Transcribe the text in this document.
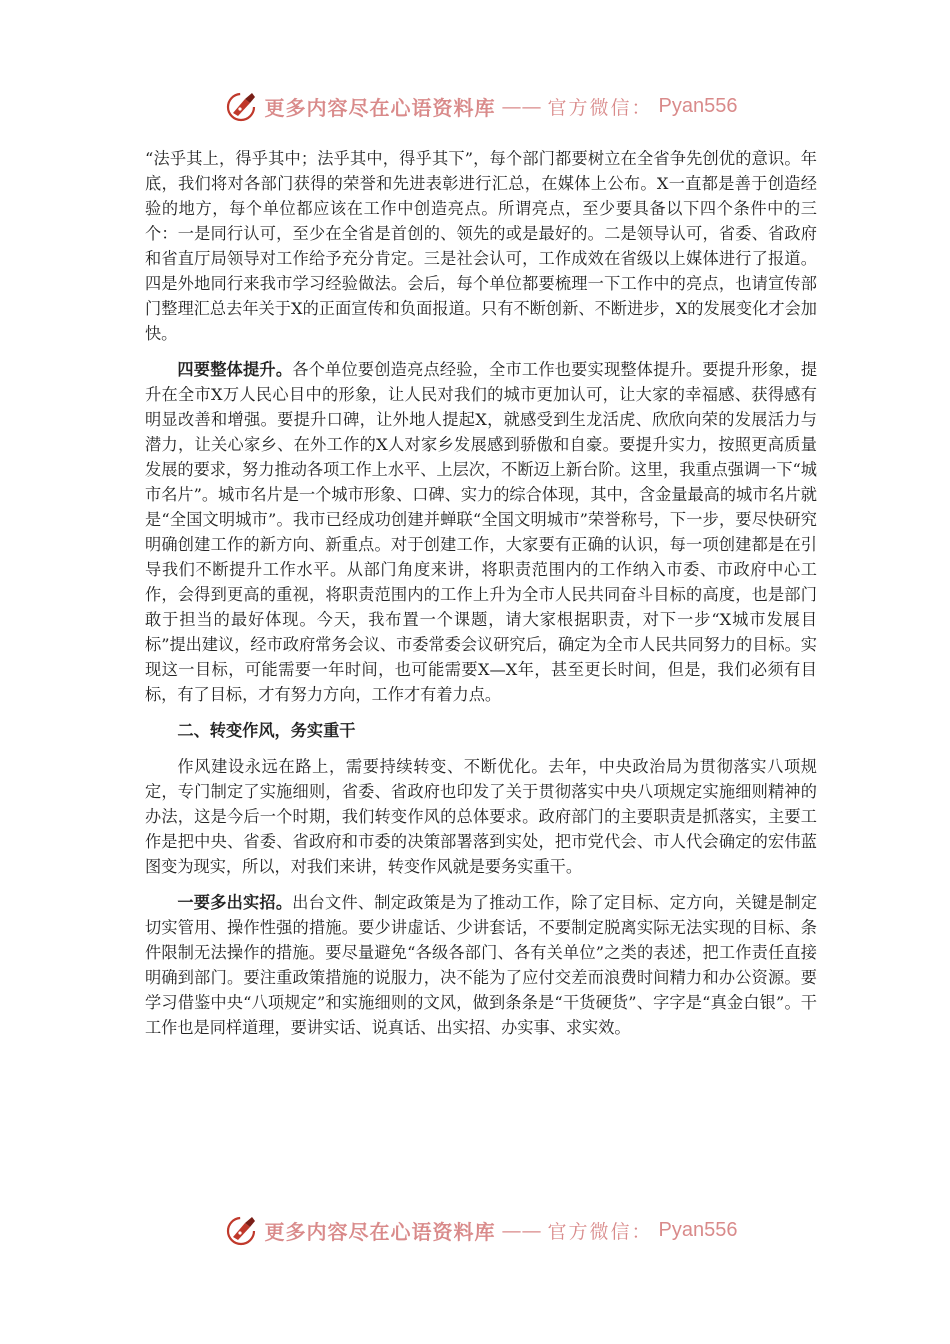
更多内容尽在心语资料库 —— 官方微信： Pyan556

“法乎其上，得乎其中；法乎其中，得乎其下”，每个部门都要树立在全省争先创优的意识。年底，我们将对各部门获得的荣誉和先进表彰进行汇总，在媒体上公布。X一直都是善于创造经验的地方，每个单位都应该在工作中创造亮点。所谓亮点，至少要具备以下四个条件中的三个：一是同行认可，至少在全省是首创的、领先的或是最好的。二是领导认可，省委、省政府和省直厅局领导对工作给予充分肯定。三是社会认可，工作成效在省级以上媒体进行了报道。四是外地同行来我市学习经验做法。会后，每个单位都要梳理一下工作中的亮点，也请宣传部门整理汇总去年关于X的正面宣传和负面报道。只有不断创新、不断进步，X的发展变化才会加快。

四要整体提升。各个单位要创造亮点经验，全市工作也要实现整体提升。要提升形象，提升在全市X万人民心目中的形象，让人民对我们的城市更加认可，让大家的幸福感、获得感有明显改善和增强。要提升口碑，让外地人提起X，就感受到生龙活虎、欣欣向荣的发展活力与潜力，让关心家乡、在外工作的X人对家乡发展感到骄傲和自豪。要提升实力，按照更高质量发展的要求，努力推动各项工作上水平、上层次，不断迈上新台阶。这里，我重点强调一下“城市名片”。城市名片是一个城市形象、口碑、实力的综合体现，其中，含金量最高的城市名片就是“全国文明城市”。我市已经成功创建并蝉联“全国文明城市”荣誉称号，下一步，要尽快研究明确创建工作的新方向、新重点。对于创建工作，大家要有正确的认识，每一项创建都是在引导我们不断提升工作水平。从部门角度来讲，将职责范围内的工作纳入市委、市政府中心工作，会得到更高的重视，将职责范围内的工作上升为全市人民共同奋斗目标的高度，也是部门敢于担当的最好体现。今天，我布置一个课题，请大家根据职责，对下一步“X城市发展目标”提出建议，经市政府常务会议、市委常委会议研究后，确定为全市人民共同努力的目标。实现这一目标，可能需要一年时间，也可能需要X—X年，甚至更长时间，但是，我们必须有目标，有了目标，才有努力方向，工作才有着力点。

二、转变作风，务实重干

作风建设永远在路上，需要持续转变、不断优化。去年，中央政治局为贯彻落实八项规定，专门制定了实施细则，省委、省政府也印发了关于贯彻落实中央八项规定实施细则精神的办法，这是今后一个时期，我们转变作风的总体要求。政府部门的主要职责是抓落实，主要工作是把中央、省委、省政府和市委的决策部署落到实处，把市党代会、市人代会确定的宏伟蓝图变为现实，所以，对我们来讲，转变作风就是要务实重干。

一要多出实招。出台文件、制定政策是为了推动工作，除了定目标、定方向，关键是制定切实管用、操作性强的措施。要少讲虚话、少讲套话，不要制定脱离实际无法实现的目标、条件限制无法操作的措施。要尽量避免“各级各部门、各有关单位”之类的表述，把工作责任直接明确到部门。要注重政策措施的说服力，决不能为了应付交差而浪费时间精力和办公资源。要学习借鉴中央“八项规定”和实施细则的文风，做到条条是“干货硬货”、字字是“真金白银”。干工作也是同样道理，要讲实话、说真话、出实招、办实事、求实效。

更多内容尽在心语资料库 —— 官方微信： Pyan556
